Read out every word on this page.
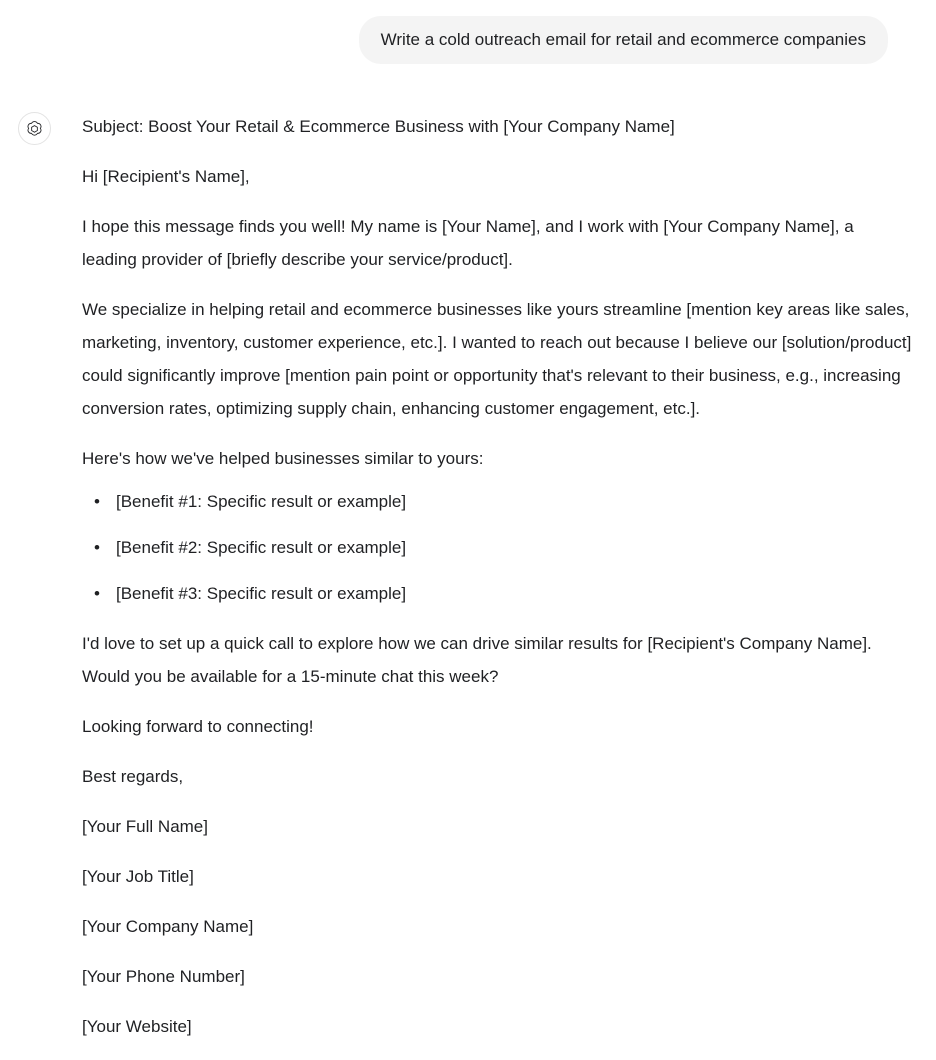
Write a cold outreach email for retail and ecommerce companies

Subject: Boost Your Retail & Ecommerce Business with [Your Company Name]

Hi [Recipient's Name],

I hope this message finds you well! My name is [Your Name], and I work with [Your Company Name], a leading provider of [briefly describe your service/product].

We specialize in helping retail and ecommerce businesses like yours streamline [mention key areas like sales, marketing, inventory, customer experience, etc.]. I wanted to reach out because I believe our [solution/product] could significantly improve [mention pain point or opportunity that's relevant to their business, e.g., increasing conversion rates, optimizing supply chain, enhancing customer engagement, etc.].

Here's how we've helped businesses similar to yours:

• [Benefit #1: Specific result or example]
• [Benefit #2: Specific result or example]
• [Benefit #3: Specific result or example]

I'd love to set up a quick call to explore how we can drive similar results for [Recipient's Company Name]. Would you be available for a 15-minute chat this week?

Looking forward to connecting!

Best regards,

[Your Full Name]

[Your Job Title]

[Your Company Name]

[Your Phone Number]

[Your Website]
